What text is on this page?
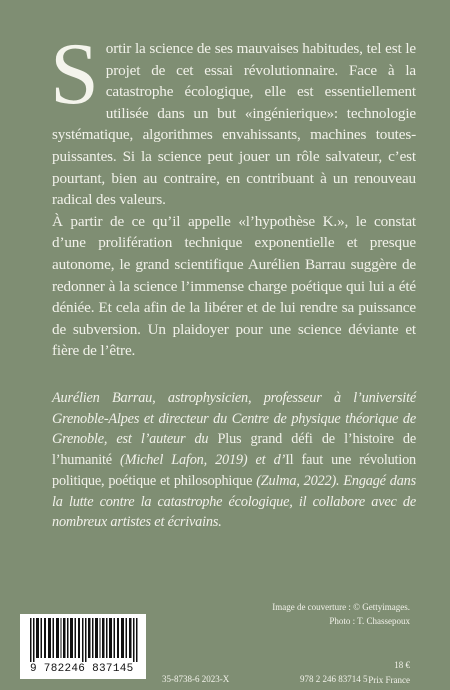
S ortir la science de ses mauvaises habitudes, tel est le projet de cet essai révolutionnaire. Face à la catastrophe écologique, elle est essentiellement utilisée dans un but «ingénierique»: technologie systématique, algorithmes envahissants, machines toutes-puissantes. Si la science peut jouer un rôle salvateur, c’est pourtant, bien au contraire, en contribuant à un renouveau radical des valeurs.

À partir de ce qu’il appelle «l’hypothèse K.», le constat d’une prolifération technique exponentielle et presque autonome, le grand scientifique Aurélien Barrau suggère de redonner à la science l’immense charge poétique qui lui a été déniée. Et cela afin de la libérer et de lui rendre sa puissance de subversion. Un plaidoyer pour une science déviante et fière de l’être.

Aurélien Barrau, astrophysicien, professeur à l’université Grenoble-Alpes et directeur du Centre de physique théorique de Grenoble, est l’auteur du Plus grand défi de l’histoire de l’humanité (Michel Lafon, 2019) et d’Il faut une révolution politique, poétique et philosophique (Zulma, 2022). Engagé dans la lutte contre la catastrophe écologique, il collabore avec de nombreux artistes et écrivains.
Image de couverture : © Gettyimages.
Photo : T. Chassepoux
9 782246 837145
35-8738-6 2023-X	978 2 246 83714 5
18 €
Prix France
